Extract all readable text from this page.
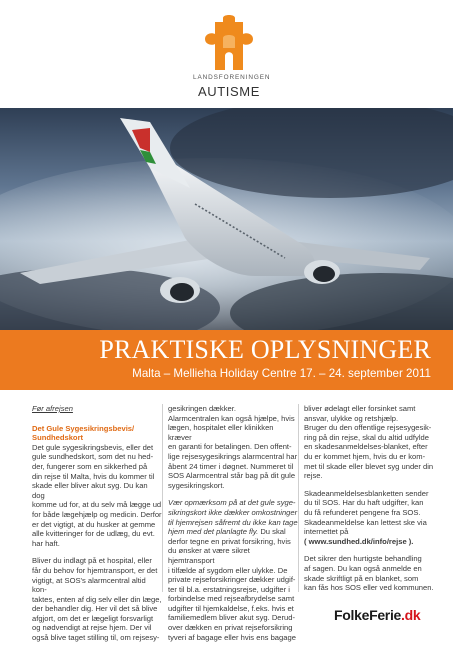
LANDSFORENINGEN
AUTISME
PRAKTISKE OPLYSNINGER
Malta – Mellieha Holiday Centre 17. – 24. september 2011

Før afrejsen

Det Gule Sygesikringsbevis/
Sundhedskort

Det gule sygesikringsbevis, eller det
gule sundhedskort, som det nu hed-
der, fungerer som en sikkerhed på
din rejse til Malta, hvis du kommer til
skade eller bliver akut syg. Du kan dog
komme ud for, at du selv må lægge ud
for både lægehjælp og medicin. Derfor
er det vigtigt, at du husker at gemme
alle kvitteringer for de udlæg, du evt.
har haft.

Bliver du indlagt på et hospital, eller
får du behov for hjemtransport, er det
vigtigt, at SOS's alarmcentral altid kon-
taktes, enten af dig selv eller din læge,
der behandler dig. Her vil det så blive
afgjort, om det er lægeligt forsvarligt
og nødvendigt at rejse hjem. Der vil
også blive taget stilling til, om rejsesy-

gesikringen dækker.
Alarmcentralen kan også hjælpe, hvis
lægen, hospitalet eller klinikken kræver
en garanti for betalingen. Den offent-
lige rejsesygesikrings alarmcentral har
åbent 24 timer i døgnet. Nummeret til
SOS Alarmcentral står bag på dit gule
sygesikringskort.

Vær opmærksom på at det gule syge-
sikringskort ikke dækker omkostninger
til hjemrejsen såfremt du ikke kan tage
hjem med det planlagte fly. Du skal
derfor tegne en privat forsikring, hvis
du ønsker at være sikret hjemtransport
i tilfælde af sygdom eller ulykke. De
private rejseforsikringer dækker udgif-
ter til bl.a. erstatningsrejse, udgifter i
forbindelse med rejseafbrydelse samt
udgifter til hjemkaldelse, f.eks. hvis et
familiemedlem bliver akut syg. Derud-
over dækken en privat rejseforsikring
tyveri af bagage eller hvis ens bagage

bliver ødelagt eller forsinket samt
ansvar, ulykke og retshjælp.
Bruger du den offentlige rejsesygesik-
ring på din rejse, skal du altid udfylde
en skadesanmeldelses-blanket, efter
du er kommet hjem, hvis du er kom-
met til skade eller blevet syg under din
rejse.

Skadeanmeldelsesblanketten sender
du til SOS. Har du haft udgifter, kan
du få refunderet pengene fra SOS.
Skadeanmeldelse kan lettest ske via
internettet på

( www.sundhed.dk/info/rejse ).

Det sikrer den hurtigste behandling
af sagen. Du kan også anmelde en
skade skriftligt på en blanket, som
kan fås hos SOS eller ved kommunen.

FolkeFerie.dk
